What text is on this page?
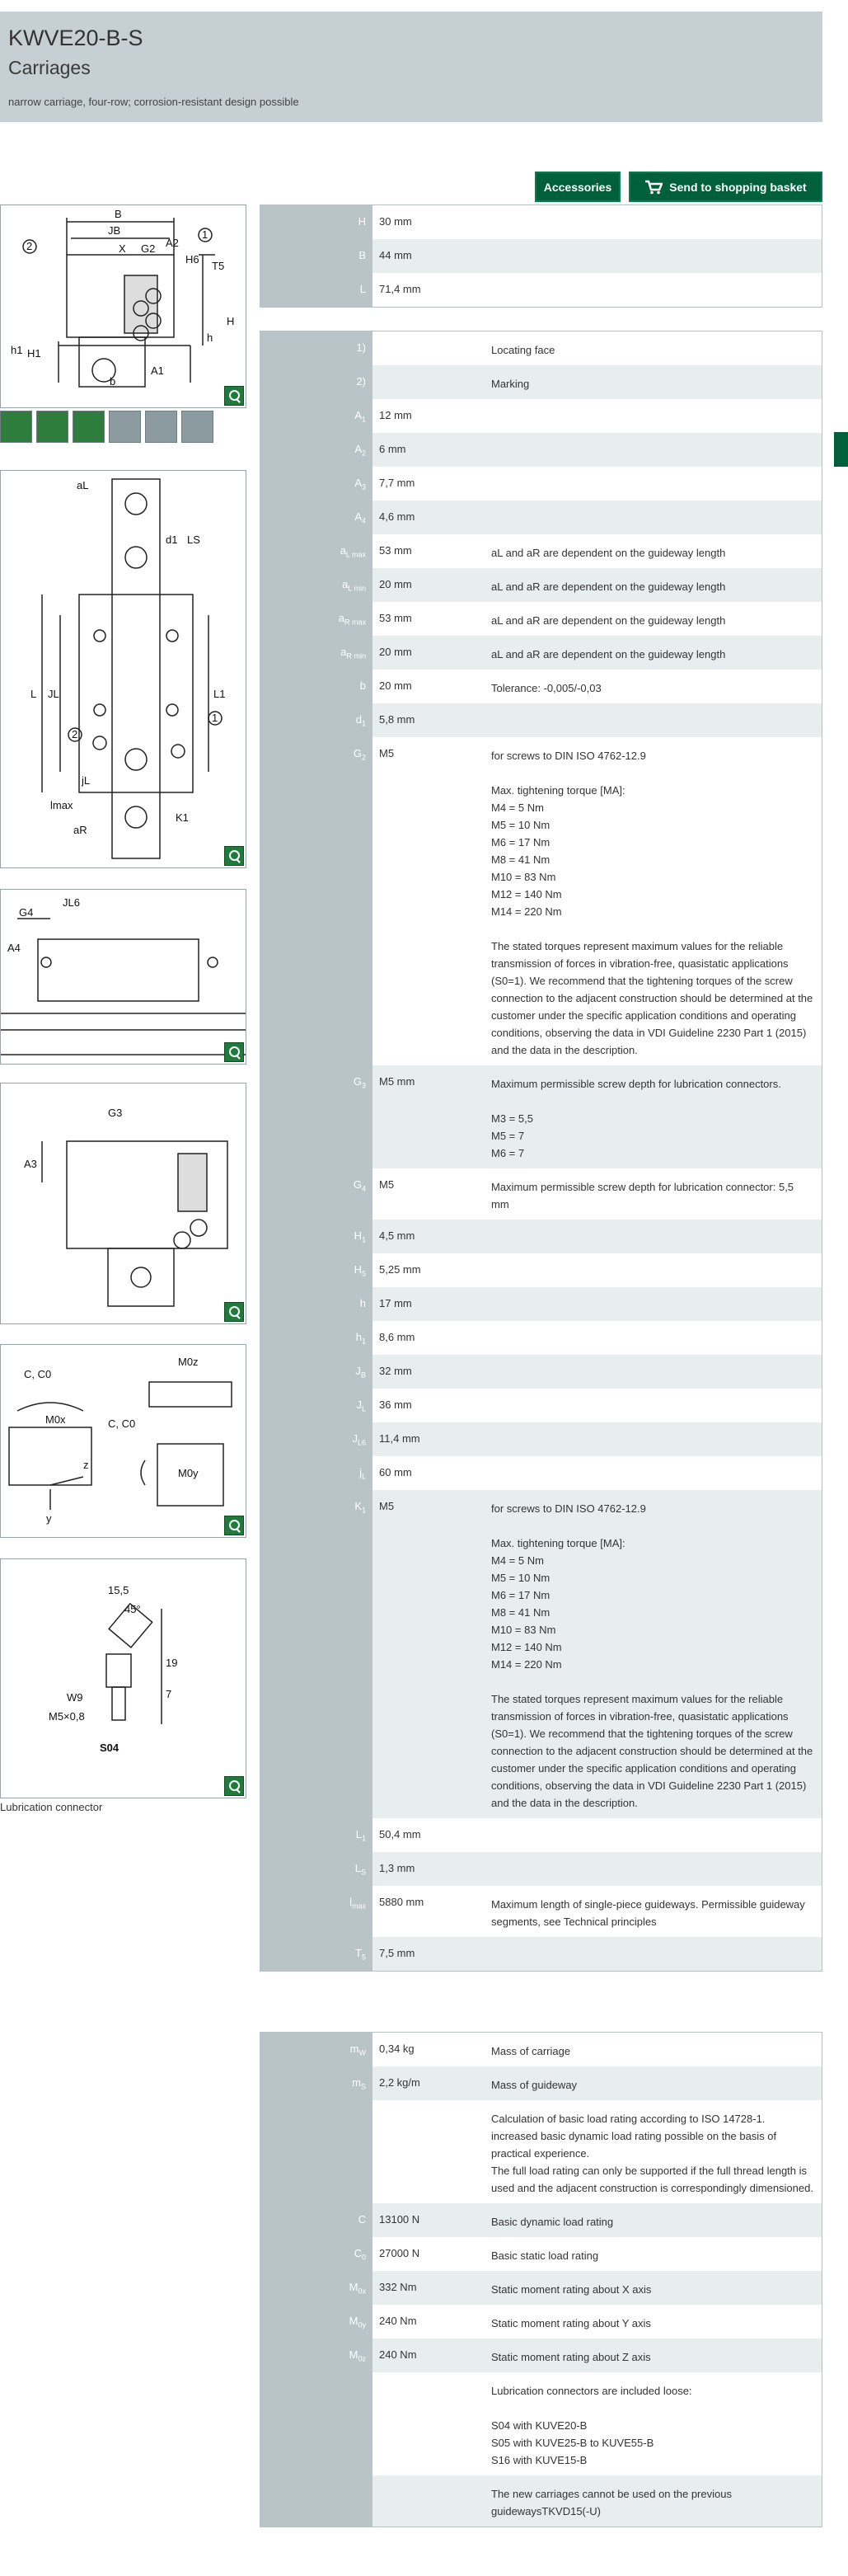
KWVE20-B-S
Carriages
narrow carriage, four-row; corrosion-resistant design possible
Accessories	Send to shopping basket
B
JB
X G2 A2
H6
T5
H
h
h1 H1
b
A1
1
2
aL
d1 LS
L JL	L1
lmax
jL
aR
K1
1
2
G4
JL6
A4
G3
A3
C, C0
M0z
M0x	C, C0
M0y
z
y
15,5
45°
19
7
W9
M5×0,8
S04
Lubrication connector
H	30 mm
B	44 mm
L	71,4 mm
1)	Locating face
2)	Marking
$A_1$	12 mm
$A_2$	6 mm
$A_3$	7,7 mm
$A_4$	4,6 mm
$a_{L max}$	53 mm	aL and aR are dependent on the guideway length
$a_{L min}$	20 mm	aL and aR are dependent on the guideway length
$a_{R max}$	53 mm	aL and aR are dependent on the guideway length
$a_{R min}$	20 mm	aL and aR are dependent on the guideway length
b	20 mm	Tolerance: -0,005/-0,03
$d_1$	5,8 mm
$G_2$	M5	for screws to DIN ISO 4762-12.9

Max. tightening torque [MA]:
M4 = 5 Nm
M5 = 10 Nm
M6 = 17 Nm
M8 = 41 Nm
M10 = 83 Nm
M12 = 140 Nm
M14 = 220 Nm

The stated torques represent maximum values for the reliable transmission of forces in vibration-free, quasistatic applications (S0=1). We recommend that the tightening torques of the screw connection to the adjacent construction should be determined at the customer under the specific application conditions and operating conditions, observing the data in VDI Guideline 2230 Part 1 (2015) and the data in the description.
$G_3$	M5 mm	Maximum permissible screw depth for lubrication connectors.

M3 = 5,5
M5 = 7
M6 = 7
$G_4$	M5	Maximum permissible screw depth for lubrication connector: 5,5 mm
$H_1$	4,5 mm
$H_5$	5,25 mm
h	17 mm
$h_1$	8,6 mm
$J_B$	32 mm
$J_L$	36 mm
$J_{L6}$	11,4 mm
$j_L$	60 mm
$K_1$	M5	for screws to DIN ISO 4762-12.9

Max. tightening torque [MA]:
M4 = 5 Nm
M5 = 10 Nm
M6 = 17 Nm
M8 = 41 Nm
M10 = 83 Nm
M12 = 140 Nm
M14 = 220 Nm

The stated torques represent maximum values for the reliable transmission of forces in vibration-free, quasistatic applications (S0=1). We recommend that the tightening torques of the screw connection to the adjacent construction should be determined at the customer under the specific application conditions and operating conditions, observing the data in VDI Guideline 2230 Part 1 (2015) and the data in the description.
$L_1$	50,4 mm
$L_S$	1,3 mm
$l_{max}$	5880 mm	Maximum length of single-piece guideways. Permissible guideway segments, see Technical principles
$T_5$	7,5 mm
$m_W$	0,34 kg	Mass of carriage
$m_S$	2,2 kg/m	Mass of guideway
Calculation of basic load rating according to ISO 14728-1. increased basic dynamic load rating possible on the basis of practical experience.
The full load rating can only be supported if the full thread length is used and the adjacent construction is correspondingly dimensioned.
C	13100 N	Basic dynamic load rating
$C_0$	27000 N	Basic static load rating
$M_{0x}$	332 Nm	Static moment rating about X axis
$M_{0y}$	240 Nm	Static moment rating about Y axis
$M_{0z}$	240 Nm	Static moment rating about Z axis
Lubrication connectors are included loose:

S04 with KUVE20-B
S05 with KUVE25-B to KUVE55-B
S16 with KUVE15-B
The new carriages cannot be used on the previous guidewaysTKVD15(-U)
